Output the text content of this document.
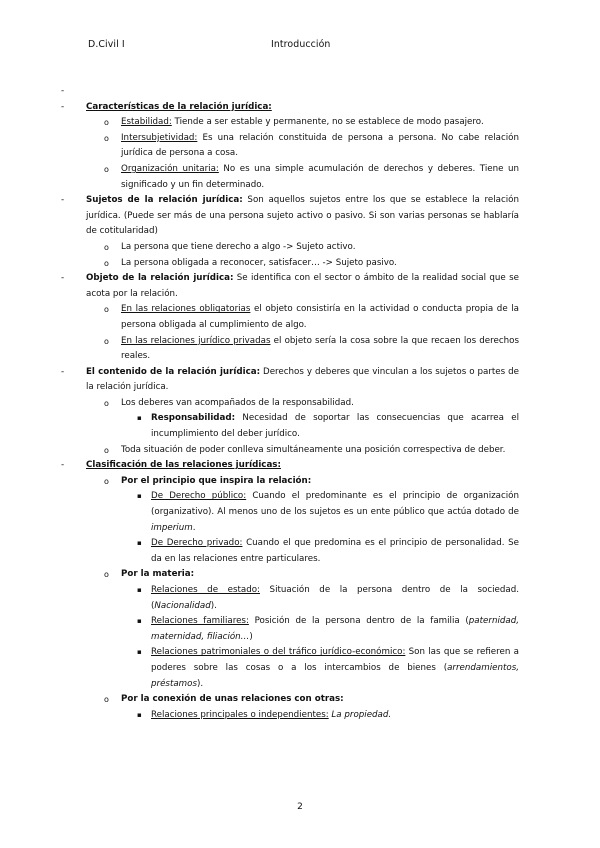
D.Civil I	Introducción
-

-	Características de la relación jurídica:
o Estabilidad: Tiende a ser estable y permanente, no se establece de modo pasajero.
o Intersubjetividad: Es una relación constituida de persona a persona. No cabe relación jurídica de persona a cosa.
o Organización unitaria: No es una simple acumulación de derechos y deberes. Tiene un significado y un fin determinado.
-	Sujetos de la relación jurídica: Son aquellos sujetos entre los que se establece la relación jurídica. (Puede ser más de una persona sujeto activo o pasivo. Si son varias personas se hablaría de cotitularidad)
o La persona que tiene derecho a algo -> Sujeto activo.
o La persona obligada a reconocer, satisfacer… -> Sujeto pasivo.
-	Objeto de la relación jurídica: Se identifica con el sector o ámbito de la realidad social que se acota por la relación.
o En las relaciones obligatorias el objeto consistiría en la actividad o conducta propia de la persona obligada al cumplimiento de algo.
o En las relaciones jurídico privadas el objeto sería la cosa sobre la que recaen los derechos reales.
-	El contenido de la relación jurídica: Derechos y deberes que vinculan a los sujetos o partes de la relación jurídica.
o Los deberes van acompañados de la responsabilidad.
▪ Responsabilidad: Necesidad de soportar las consecuencias que acarrea el incumplimiento del deber jurídico.
o Toda situación de poder conlleva simultáneamente una posición correspectiva de deber.
-	Clasificación de las relaciones jurídicas:
o Por el principio que inspira la relación:
▪ De Derecho público: Cuando el predominante es el principio de organización (organizativo). Al menos uno de los sujetos es un ente público que actúa dotado de imperium.
▪ De Derecho privado: Cuando el que predomina es el principio de personalidad. Se da en las relaciones entre particulares.
o Por la materia:
▪ Relaciones de estado: Situación de la persona dentro de la sociedad. (Nacionalidad).
▪ Relaciones familiares: Posición de la persona dentro de la familia (paternidad, maternidad, filiación…)
▪ Relaciones patrimoniales o del tráfico jurídico-económico: Son las que se refieren a poderes sobre las cosas o a los intercambios de bienes (arrendamientos, préstamos).
o Por la conexión de unas relaciones con otras:
▪ Relaciones principales o independientes: La propiedad.
2
